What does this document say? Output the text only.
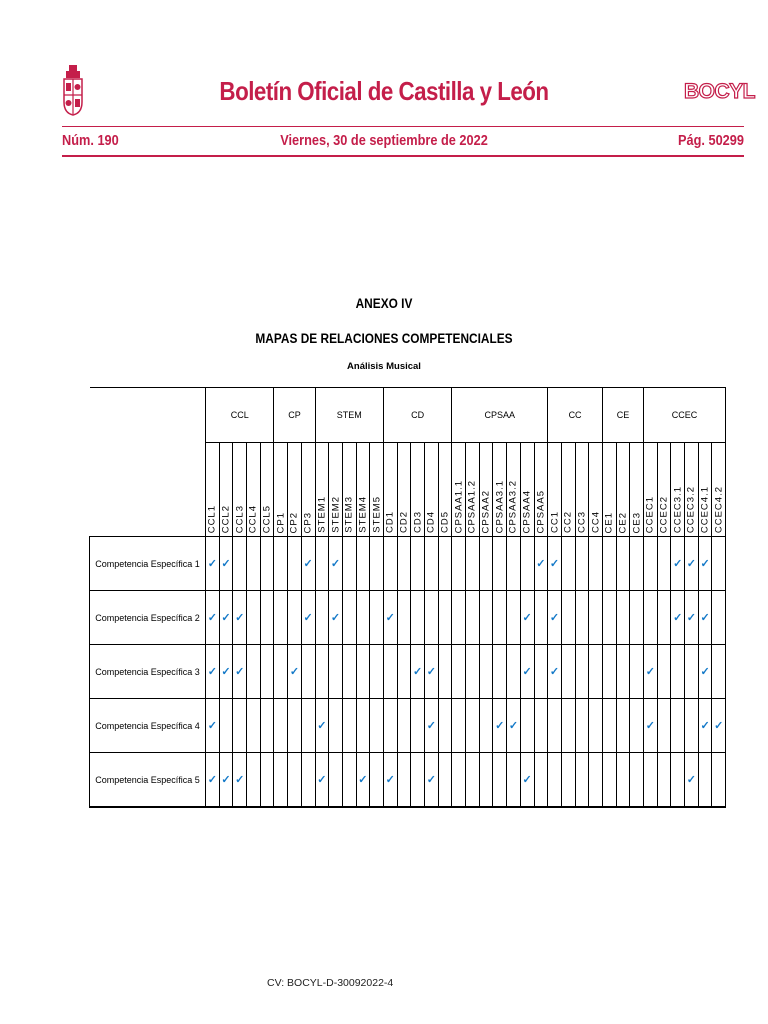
Boletín Oficial de Castilla y León	BOCYL
Núm. 190	Viernes, 30 de septiembre de 2022	Pág. 50299
ANEXO IV
MAPAS DE RELACIONES COMPETENCIALES
Análisis Musical
	CCL					CP			STEM					CD					CPSAA							CC				CE			CCEC					

	CCL1	CCL2	CCL3	CCL4	CCL5	CP1	CP2	CP3	STEM1	STEM2	STEM3	STEM4	STEM5	CD1	CD2	CD3	CD4	CD5	CPSAA1.1	CPSAA1.2	CPSAA2	CPSAA3.1	CPSAA3.2	CPSAA4	CPSAA5	CC1	CC2	CC3	CC4	CE1	CE2	CE3	CCEC1	CCEC2	CCEC3.1	CCEC3.2	CCEC4.1	CCEC4.2

Competencia Específica 1	✓	✓						✓		✓															✓	✓									✓	✓	✓	
Competencia Específica 2	✓	✓	✓					✓		✓				✓										✓		✓									✓	✓	✓	
Competencia Específica 3	✓	✓	✓				✓									✓	✓							✓		✓							✓				✓	
Competencia Específica 4	✓								✓								✓					✓	✓										✓				✓	✓
Competencia Específica 5	✓	✓	✓						✓			✓		✓			✓							✓												✓		
CV: BOCYL-D-30092022-4
